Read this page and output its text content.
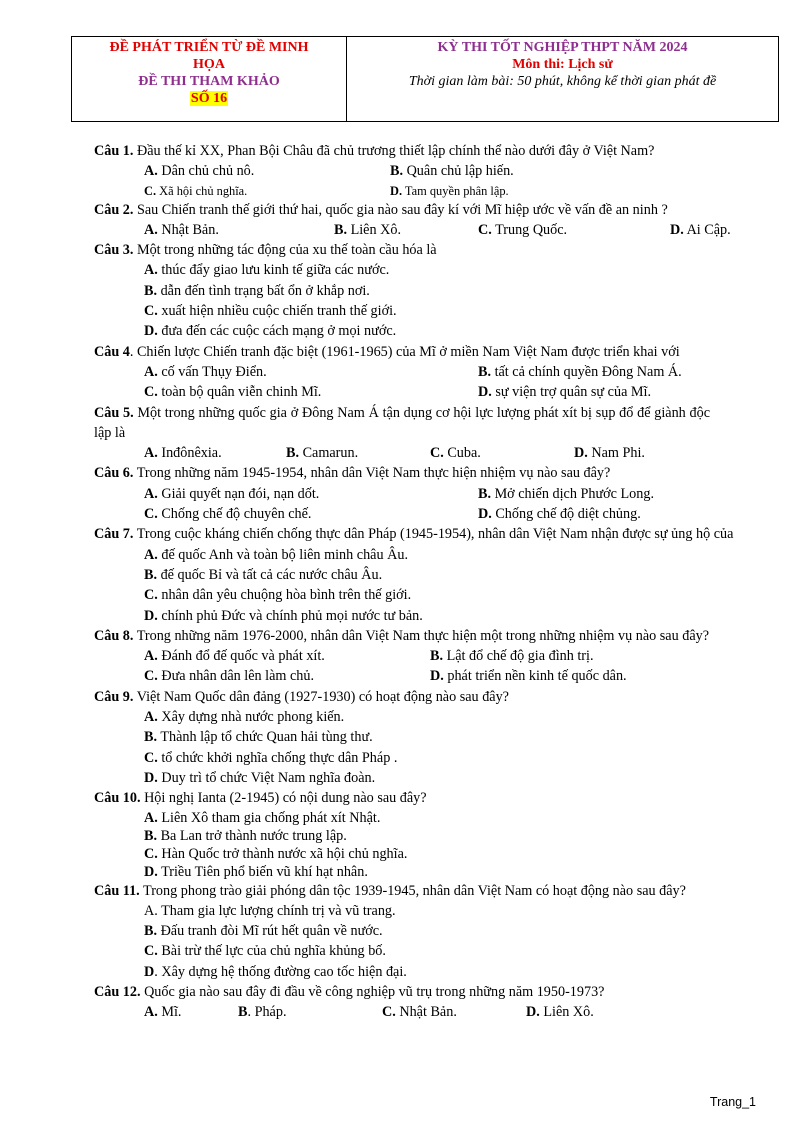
ĐỀ PHÁT TRIỂN TỪ ĐỀ MINH
HỌA
ĐỀ THI THAM KHẢO
SỐ 16

KỲ THI TỐT NGHIỆP THPT NĂM 2024
Môn thi: Lịch sử
Thời gian làm bài: 50 phút, không kể thời gian phát đề
Câu 1. Đầu thế kỉ XX, Phan Bội Châu đã chủ trương thiết lập chính thể nào dưới đây ở Việt Nam?
A. Dân chủ chủ nô.	B. Quân chủ lập hiến.
C. Xã hội chủ nghĩa.	D. Tam quyền phân lập.
Câu 2. Sau Chiến tranh thế giới thứ hai, quốc gia nào sau đây kí với Mĩ hiệp ước về vấn đề an ninh ?
A. Nhật Bản.	B. Liên Xô.	C. Trung Quốc.	D. Ai Cập.
Câu 3. Một trong những tác động của xu thế toàn cầu hóa là
A. thúc đẩy giao lưu kinh tế giữa các nước.
B. dẫn đến tình trạng bất ổn ở khắp nơi.
C. xuất hiện nhiều cuộc chiến tranh thế giới.
D. đưa đến các cuộc cách mạng ở mọi nước.
Câu 4. Chiến lược Chiến tranh đặc biệt (1961-1965) của Mĩ ở miền Nam Việt Nam được triển khai với
A. cố vấn Thụy Điển.	B. tất cả chính quyền Đông Nam Á.
C. toàn bộ quân viễn chinh Mĩ.	D. sự viện trợ quân sự của Mĩ.
Câu 5. Một trong những quốc gia ở Đông Nam Á tận dụng cơ hội lực lượng phát xít bị sụp đổ để giành độc lập là
A. Inđônêxia.	B. Camarun.	C. Cuba.	D. Nam Phi.
Câu 6. Trong những năm 1945-1954, nhân dân Việt Nam thực hiện nhiệm vụ nào sau đây?
A. Giải quyết nạn đói, nạn dốt.	B. Mở chiến dịch Phước Long.
C. Chống chế độ chuyên chế.	D. Chống chế độ diệt chủng.
Câu 7. Trong cuộc kháng chiến chống thực dân Pháp (1945-1954), nhân dân Việt Nam nhận được sự ủng hộ của
A. đế quốc Anh và toàn bộ liên minh châu Âu.
B. đế quốc Bỉ và tất cả các nước châu Âu.
C. nhân dân yêu chuộng hòa bình trên thế giới.
D. chính phủ Đức và chính phủ mọi nước tư bản.
Câu 8. Trong những năm 1976-2000, nhân dân Việt Nam thực hiện một trong những nhiệm vụ nào sau đây?
A. Đánh đổ đế quốc và phát xít.	B. Lật đổ chế độ gia đình trị.
C. Đưa nhân dân lên làm chủ.	D. phát triển nền kinh tế quốc dân.
Câu 9. Việt Nam Quốc dân đảng (1927-1930) có hoạt động nào sau đây?
A. Xây dựng nhà nước phong kiến.
B. Thành lập tổ chức Quan hải tùng thư.
C. tổ chức khởi nghĩa chống thực dân Pháp .
D. Duy trì tổ chức Việt Nam nghĩa đoàn.
Câu 10. Hội nghị Ianta (2-1945) có nội dung nào sau đây?
A. Liên Xô tham gia chống phát xít Nhật.
B. Ba Lan trở thành nước trung lập.
C. Hàn Quốc trở thành nước xã hội chủ nghĩa.
D. Triều Tiên phổ biến vũ khí hạt nhân.
Câu 11. Trong phong trào giải phóng dân tộc 1939-1945, nhân dân Việt Nam có hoạt động nào sau đây?
A. Tham gia lực lượng chính trị và vũ trang.
B. Đấu tranh đòi Mĩ rút hết quân về nước.
C. Bài trừ thế lực của chủ nghĩa khủng bố.
D. Xây dựng hệ thống đường cao tốc hiện đại.
Câu 12. Quốc gia nào sau đây đi đầu về công nghiệp vũ trụ trong những năm 1950-1973?
A. Mĩ.	B. Pháp.	C. Nhật Bản.	D. Liên Xô.
Trang_1
